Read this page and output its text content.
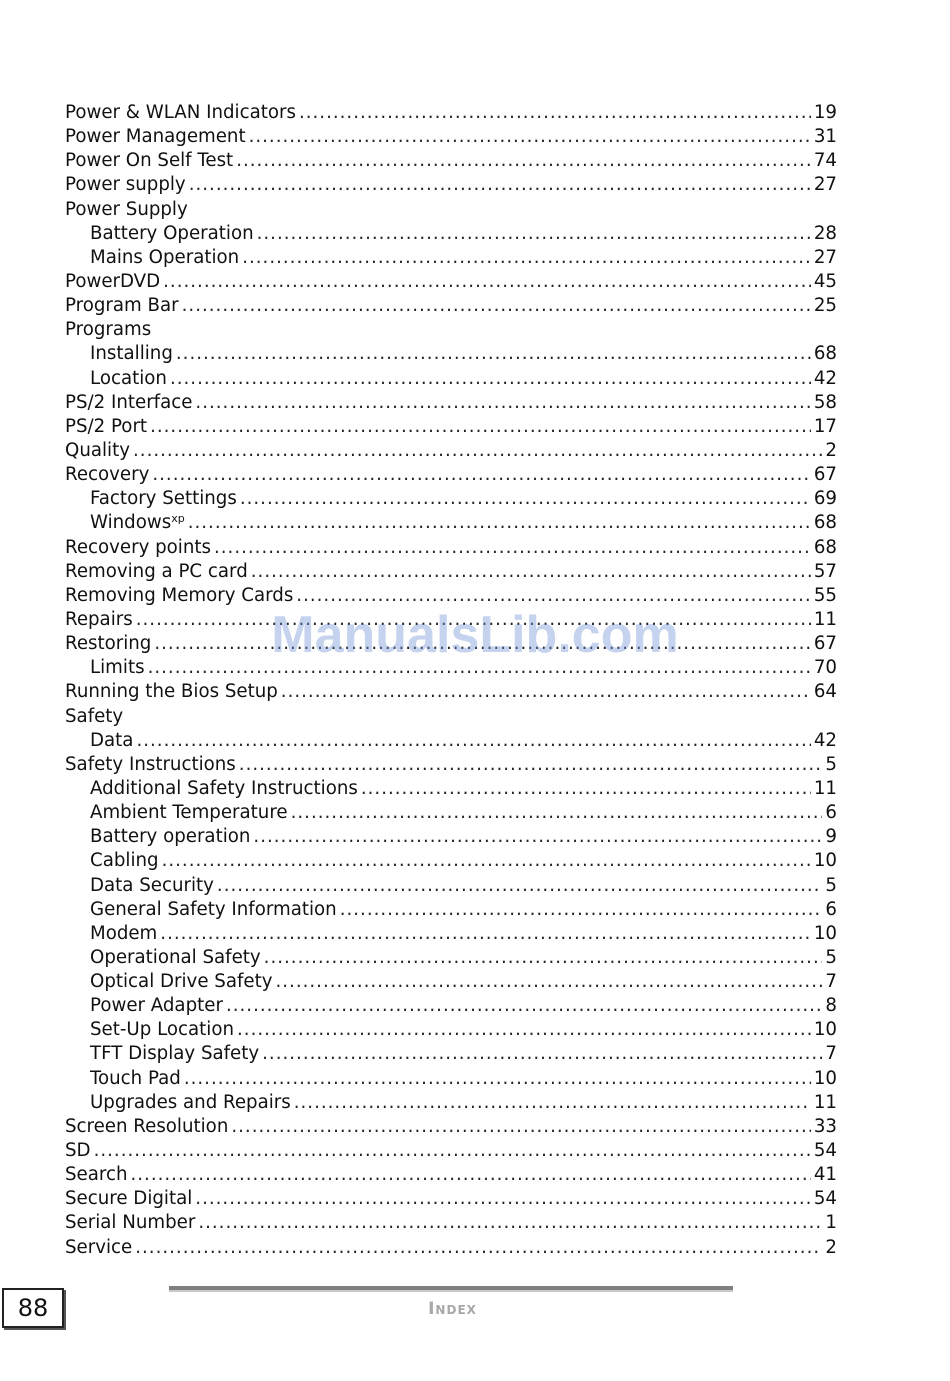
Power & WLAN Indicators .....	19
Power Management .....	31
Power On Self Test .....	74
Power supply .....	27
Power Supply
Battery Operation .....	28
Mains Operation .....	27
PowerDVD .....	45
Program Bar .....	25
Programs
Installing .....	68
Location .....	42
PS/2 Interface .....	58
PS/2 Port .....	17
Quality .....	2
Recovery .....	67
Factory Settings .....	69
Windows$^{xp}$ .....	68
Recovery points .....	68
Removing a PC card .....	57
Removing Memory Cards .....	55
Repairs .....	11
Restoring .....	67
Limits .....	70
Running the Bios Setup .....	64
Safety
Data .....	42
Safety Instructions .....	5
Additional Safety Instructions .....	11
Ambient Temperature .....	6
Battery operation .....	9
Cabling .....	10
Data Security .....	5
General Safety Information .....	6
Modem .....	10
Operational Safety .....	5
Optical Drive Safety .....	7
Power Adapter .....	8
Set-Up Location .....	10
TFT Display Safety .....	7
Touch Pad .....	10
Upgrades and Repairs .....	11
Screen Resolution .....	33
SD .....	54
Search .....	41
Secure Digital .....	54
Serial Number .....	1
Service .....	2
ManualsLib.com
88	Index
